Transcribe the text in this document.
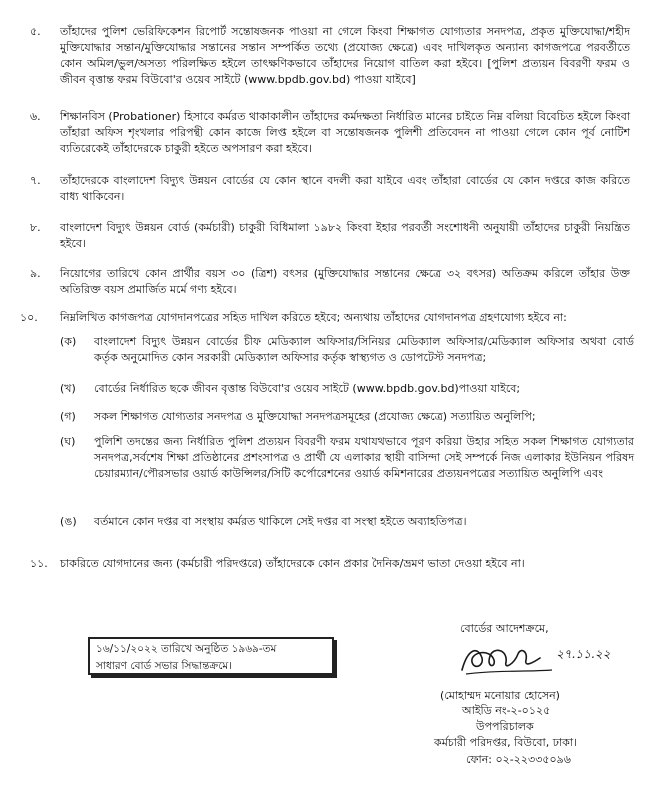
৫.	তাঁহাদের পুলিশ ভেরিফিকেশন রিপোর্ট সন্তোষজনক পাওয়া না গেলে কিংবা শিক্ষাগত যোগ্যতার সনদপত্র, প্রকৃত মুক্তিযোদ্ধা/শহীদ মুক্তিযোদ্ধার সন্তান/মুক্তিযোদ্ধার সন্তানের সন্তান সম্পর্কিত তথ্যে (প্রযোজ্য ক্ষেত্রে) এবং দাখিলকৃত অন্যান্য কাগজপত্রে পরবর্তীতে কোন অমিল/ভুল/অসত্য পরিলক্ষিত হইলে তাৎক্ষণিকভাবে তাঁহাদের নিয়োগ বাতিল করা হইবে। [পুলিশ প্রত্যয়ন বিবরণী ফরম ও জীবন বৃত্তান্ত ফরম বিউবো'র ওয়েব সাইটে (www.bpdb.gov.bd) পাওয়া যাইবে]
৬.	শিক্ষানবিস (Probationer) হিসাবে কর্মরত থাকাকালীন তাঁহাদের কর্মদক্ষতা নির্ধারিত মানের চাইতে নিম্ন বলিয়া বিবেচিত হইলে কিংবা তাঁহারা অফিস শৃংখলার পরিপন্থী কোন কাজে লিপ্ত হইলে বা সন্তোষজনক পুলিশী প্রতিবেদন না পাওয়া গেলে কোন পূর্ব নোটিশ ব্যতিরেকেই তাঁহাদেরকে চাকুরী হইতে অপসারণ করা হইবে।
৭.	তাঁহাদেরকে বাংলাদেশ বিদ্যুৎ উন্নয়ন বোর্ডের যে কোন স্থানে বদলী করা যাইবে এবং তাঁহারা বোর্ডের যে কোন দপ্তরে কাজ করিতে বাধ্য থাকিবেন।
৮.	বাংলাদেশ বিদ্যুৎ উন্নয়ন বোর্ড (কর্মচারী) চাকুরী বিধিমালা ১৯৮২ কিংবা ইহার পরবর্তী সংশোধনী অনুযায়ী তাঁহাদের চাকুরী নিয়ন্ত্রিত হইবে।
৯.	নিয়োগের তারিখে কোন প্রার্থীর বয়স ৩০ (ত্রিশ) বৎসর (মুক্তিযোদ্ধার সন্তানের ক্ষেত্রে ৩২ বৎসর) অতিক্রম করিলে তাঁহার উক্ত অতিরিক্ত বয়স প্রমার্জিত মর্মে গণ্য হইবে।
১০.	নিম্নলিখিত কাগজপত্র যোগদানপত্রের সহিত দাখিল করিতে হইবে; অন্যথায় তাঁহাদের যোগদানপত্র গ্রহণযোগ্য হইবে না:
(ক)	বাংলাদেশ বিদ্যুৎ উন্নয়ন বোর্ডের চীফ মেডিক্যাল অফিসার/সিনিয়র মেডিক্যাল অফিসার/মেডিক্যাল অফিসার অথবা বোর্ড কর্তৃক অনুমোদিত কোন সরকারী মেডিক্যাল অফিসার কর্তৃক স্বাস্থ্যগত ও ডোপটেস্ট সনদপত্র;
(খ)	বোর্ডের নির্ধারিত ছকে জীবন বৃত্তান্ত বিউবো'র ওয়েব সাইটে (www.bpdb.gov.bd)পাওয়া যাইবে;
(গ)	সকল শিক্ষাগত যোগ্যতার সনদপত্র ও মুক্তিযোদ্ধা সনদপত্রসমূহের (প্রযোজ্য ক্ষেত্রে) সত্যায়িত অনুলিপি;
(ঘ)	পুলিশি তদন্তের জন্য নির্ধারিত পুলিশ প্রত্যয়ন বিবরণী ফরম যথাযথভাবে পূরণ করিয়া উহার সহিত সকল শিক্ষাগত যোগ্যতার সনদপত্র,সর্বশেষ শিক্ষা প্রতিষ্ঠানের প্রশংসাপত্র ও প্রার্থী যে এলাকার স্থায়ী বাসিন্দা সেই সম্পর্কে নিজ এলাকার ইউনিয়ন পরিষদ চেয়ারম্যান/পৌরসভার ওয়ার্ড কাউন্সিলর/সিটি কর্পোরেশনের ওয়ার্ড কমিশনারের প্রত্যয়নপত্রের সত্যায়িত অনুলিপি এবং
(ঙ)	বর্তমানে কোন দপ্তর বা সংস্থায় কর্মরত থাকিলে সেই দপ্তর বা সংস্থা হইতে অব্যাহতিপত্র।
১১.	চাকরিতে যোগদানের জন্য (কর্মচারী পরিদপ্তরে) তাঁহাদেরকে কোন প্রকার দৈনিক/ভ্রমণ ভাতা দেওয়া হইবে না।
বোর্ডের আদেশক্রমে,
১৬/১১/২০২২ তারিখে অনুষ্ঠিত ১৯৬৯-তম
সাধারণ বোর্ড সভার সিদ্ধান্তক্রমে।
২৭.১১.২২
(মোহাম্মদ মনোয়ার হোসেন)
আইডি নং-২-০১২৫
উপপরিচালক
কর্মচারী পরিদপ্তর, বিউবো, ঢাকা।
ফোন: ০২-২২৩৩৫০৯৬
